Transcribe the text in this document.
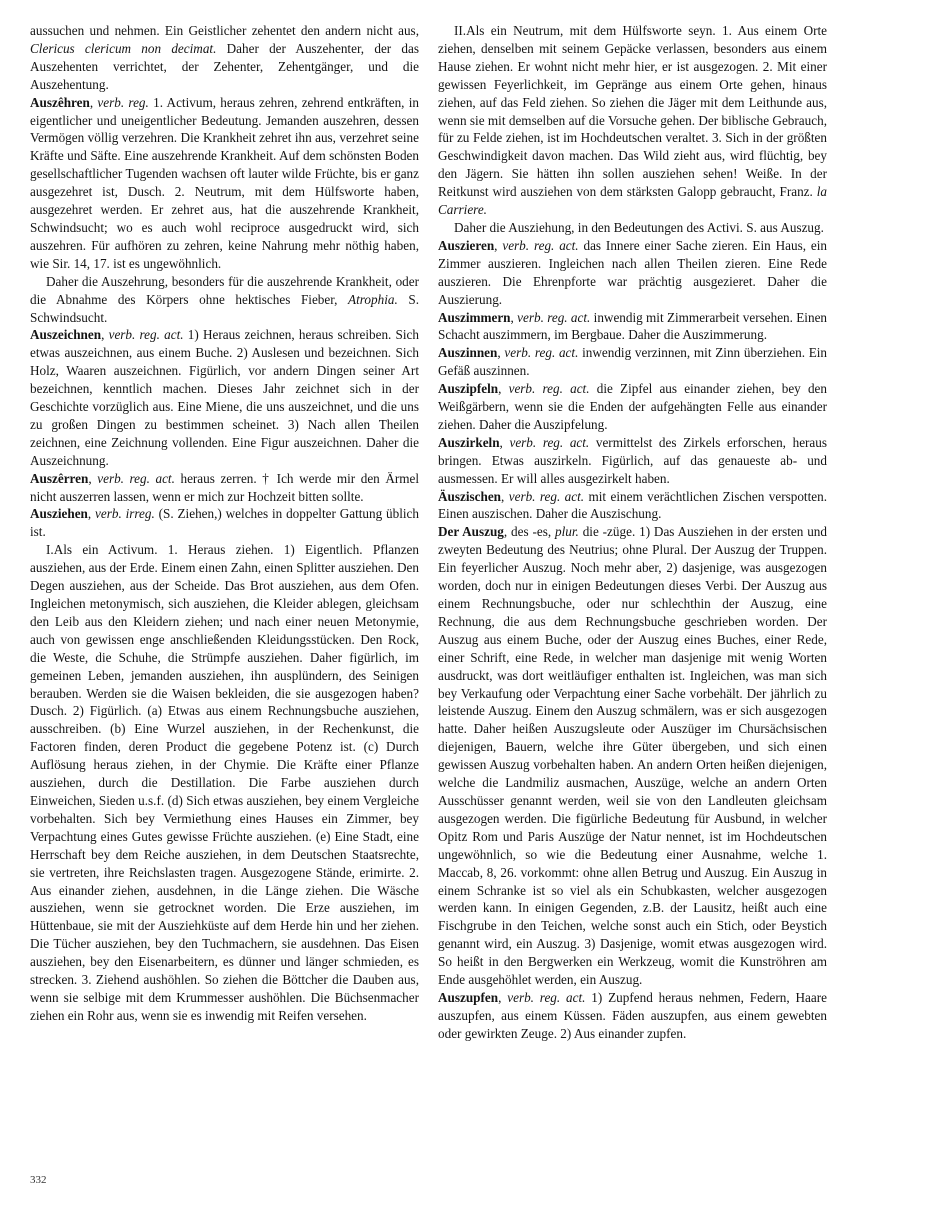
aussuchen und nehmen. Ein Geistlicher zehentet den andern nicht aus, Clericus clericum non decimat. Daher der Auszehenter, der das Auszehenten verrichtet, der Zehenter, Zehentgänger, und die Auszehentung.

Auszêhren, verb. reg. 1. Activum, heraus zehren, zehrend entkräften, in eigentlicher und uneigentlicher Bedeutung. Jemanden auszehren, dessen Vermögen völlig verzehren. Die Krankheit zehret ihn aus, verzehret seine Kräfte und Säfte. Eine auszehrende Krankheit. Auf dem schönsten Boden gesellschaftlicher Tugenden wachsen oft lauter wilde Früchte, bis er ganz ausgezehret ist, Dusch. 2. Neutrum, mit dem Hülfsworte haben, ausgezehret werden. Er zehret aus, hat die auszehrende Krankheit, Schwindsucht; wo es auch wohl reciproce ausgedruckt wird, sich auszehren. Für aufhören zu zehren, keine Nahrung mehr nöthig haben, wie Sir. 14, 17. ist es ungewöhnlich.

Daher die Auszehrung, besonders für die auszehrende Krankheit, oder die Abnahme des Körpers ohne hektisches Fieber, Atrophia. S. Schwindsucht.

Auszeichnen, verb. reg. act. 1) Heraus zeichnen, heraus schreiben. Sich etwas auszeichnen, aus einem Buche. 2) Auslesen und bezeichnen. Sich Holz, Waaren auszeichnen. Figürlich, vor andern Dingen seiner Art bezeichnen, kenntlich machen. Dieses Jahr zeichnet sich in der Geschichte vorzüglich aus. Eine Miene, die uns auszeichnet, und die uns zu großen Dingen zu bestimmen scheinet. 3) Nach allen Theilen zeichnen, eine Zeichnung vollenden. Eine Figur auszeichnen. Daher die Auszeichnung.

Auszêrren, verb. reg. act. heraus zerren. † Ich werde mir den Ärmel nicht auszerren lassen, wenn er mich zur Hochzeit bitten sollte.

Ausziehen, verb. irreg. (S. Ziehen,) welches in doppelter Gattung üblich ist.

I.Als ein Activum. 1. Heraus ziehen. 1) Eigentlich. Pflanzen ausziehen, aus der Erde. Einem einen Zahn, einen Splitter ausziehen. Den Degen ausziehen, aus der Scheide. Das Brot ausziehen, aus dem Ofen. Ingleichen metonymisch, sich ausziehen, die Kleider ablegen, gleichsam den Leib aus den Kleidern ziehen; und nach einer neuen Metonymie, auch von gewissen enge anschließenden Kleidungsstücken. Den Rock, die Weste, die Schuhe, die Strümpfe ausziehen. Daher figürlich, im gemeinen Leben, jemanden ausziehen, ihn ausplündern, des Seinigen berauben. Werden sie die Waisen bekleiden, die sie ausgezogen haben? Dusch. 2) Figürlich. (a) Etwas aus einem Rechnungsbuche ausziehen, ausschreiben. (b) Eine Wurzel ausziehen, in der Rechenkunst, die Factoren finden, deren Product die gegebene Potenz ist. (c) Durch Auflösung heraus ziehen, in der Chymie. Die Kräfte einer Pflanze ausziehen, durch die Destillation. Die Farbe ausziehen durch Einweichen, Sieden u.s.f. (d) Sich etwas ausziehen, bey einem Vergleiche vorbehalten. Sich bey Vermiethung eines Hauses ein Zimmer, bey Verpachtung eines Gutes gewisse Früchte ausziehen. (e) Eine Stadt, eine Herrschaft bey dem Reiche ausziehen, in dem Deutschen Staatsrechte, sie vertreten, ihre Reichslasten tragen. Ausgezogene Stände, erimirte. 2. Aus einander ziehen, ausdehnen, in die Länge ziehen. Die Wäsche ausziehen, wenn sie getrocknet worden. Die Erze ausziehen, im Hüttenbaue, sie mit der Ausziehküste auf dem Herde hin und her ziehen. Die Tücher ausziehen, bey den Tuchmachern, sie ausdehnen. Das Eisen ausziehen, bey den Eisenarbeitern, es dünner und länger schmieden, es strecken. 3. Ziehend aushöhlen. So ziehen die Böttcher die Dauben aus, wenn sie selbige mit dem Krummesser aushöhlen. Die Büchsenmacher ziehen ein Rohr aus, wenn sie es inwendig mit Reifen versehen.

II.Als ein Neutrum, mit dem Hülfsworte seyn. 1. Aus einem Orte ziehen, denselben mit seinem Gepäcke verlassen, besonders aus einem Hause ziehen. Er wohnt nicht mehr hier, er ist ausgezogen. 2. Mit einer gewissen Feyerlichkeit, im Gepränge aus einem Orte gehen, hinaus ziehen, auf das Feld ziehen. So ziehen die Jäger mit dem Leithunde aus, wenn sie mit demselben auf die Vorsuche gehen. Der biblische Gebrauch, für zu Felde ziehen, ist im Hochdeutschen veraltet. 3. Sich in der größten Geschwindigkeit davon machen. Das Wild zieht aus, wird flüchtig, bey den Jägern. Sie hätten ihn sollen ausziehen sehen! Weiße. In der Reitkunst wird ausziehen von dem stärksten Galopp gebraucht, Franz. la Carriere.

Daher die Ausziehung, in den Bedeutungen des Activi. S. aus Auszug.

Auszieren, verb. reg. act. das Innere einer Sache zieren. Ein Haus, ein Zimmer auszieren. Ingleichen nach allen Theilen zieren. Eine Rede auszieren. Die Ehrenpforte war prächtig ausgezieret. Daher die Auszierung.

Auszimmern, verb. reg. act. inwendig mit Zimmerarbeit versehen. Einen Schacht auszimmern, im Bergbaue. Daher die Auszimmerung.

Auszinnen, verb. reg. act. inwendig verzinnen, mit Zinn überziehen. Ein Gefäß auszinnen.

Auszipfeln, verb. reg. act. die Zipfel aus einander ziehen, bey den Weißgärbern, wenn sie die Enden der aufgehängten Felle aus einander ziehen. Daher die Auszipfelung.

Auszirkeln, verb. reg. act. vermittelst des Zirkels erforschen, heraus bringen. Etwas auszirkeln. Figürlich, auf das genaueste ab- und ausmessen. Er will alles ausgezirkelt haben.

Äuszischen, verb. reg. act. mit einem verächtlichen Zischen verspotten. Einen auszischen. Daher die Auszischung.

Der Auszug, des -es, plur. die -züge. 1) Das Ausziehen in der ersten und zweyten Bedeutung des Neutrius; ohne Plural. Der Auszug der Truppen. Ein feyerlicher Auszug. Noch mehr aber, 2) dasjenige, was ausgezogen worden, doch nur in einigen Bedeutungen dieses Verbi. Der Auszug aus einem Rechnungsbuche, oder nur schlechthin der Auszug, eine Rechnung, die aus dem Rechnungsbuche geschrieben worden. Der Auszug aus einem Buche, oder der Auszug eines Buches, einer Rede, einer Schrift, eine Rede, in welcher man dasjenige mit wenig Worten ausdruckt, was dort weitläufiger enthalten ist. Ingleichen, was man sich bey Verkaufung oder Verpachtung einer Sache vorbehält. Der jährlich zu leistende Auszug. Einem den Auszug schmälern, was er sich ausgezogen hatte. Daher heißen Auszugsleute oder Auszüger im Chursächsischen diejenigen, Bauern, welche ihre Güter übergeben, und sich einen gewissen Auszug vorbehalten haben. An andern Orten heißen diejenigen, welche die Landmiliz ausmachen, Auszüge, welche an andern Orten Ausschüsser genannt werden, weil sie von den Landleuten gleichsam ausgezogen werden. Die figürliche Bedeutung für Ausbund, in welcher Opitz Rom und Paris Auszüge der Natur nennet, ist im Hochdeutschen ungewöhnlich, so wie die Bedeutung einer Ausnahme, welche 1. Maccab, 8, 26. vorkommt: ohne allen Betrug und Auszug. Ein Auszug in einem Schranke ist so viel als ein Schubkasten, welcher ausgezogen werden kann. In einigen Gegenden, z.B. der Lausitz, heißt auch eine Fischgrube in den Teichen, welche sonst auch ein Stich, oder Beystich genannt wird, ein Auszug. 3) Dasjenige, womit etwas ausgezogen wird. So heißt in den Bergwerken ein Werkzeug, womit die Kunströhren am Ende ausgehöhlet werden, ein Auszug.

Auszupfen, verb. reg. act. 1) Zupfend heraus nehmen, Federn, Haare auszupfen, aus einem Küssen. Fäden auszupfen, aus einem gewebten oder gewirkten Zeuge. 2) Aus einander zupfen.

332
